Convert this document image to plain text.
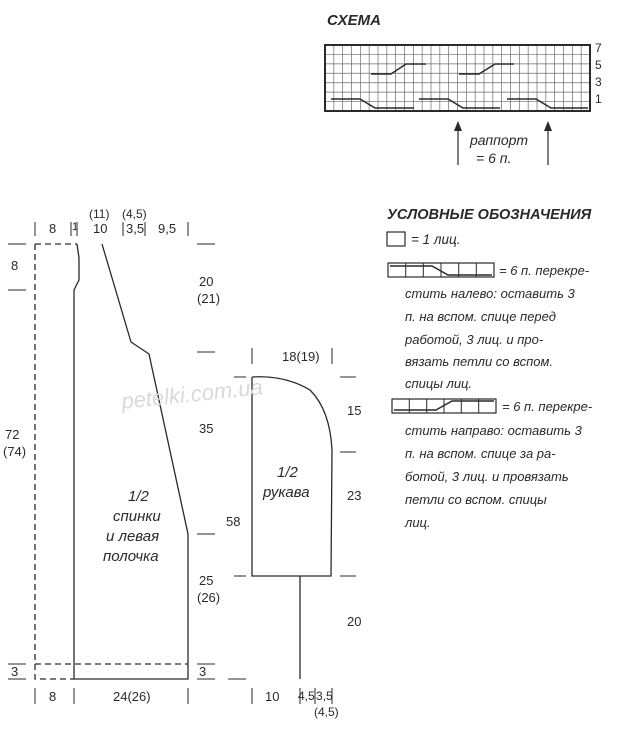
СХЕМА
7
5
3
1
раппорт
= 6 п.
УСЛОВНЫЕ ОБОЗНАЧЕНИЯ
= 1 лиц.
= 6 п. перекре-
стить налево: оставить 3
п. на вспом. спице перед
работой, 3 лиц. и про-
вязать петли со вспом.
спицы лиц.
= 6 п. перекре-
стить направо: оставить 3
п. на вспом. спице за ра-
ботой, 3 лиц. и провязать
петли со вспом. спицы
лиц.
petelki.com.ua
1/2
спинки
и левая
полочка
8 1
(11)
10
(4,5)
3,5 9,5
8
72
(74)
3
20
(21)
35
25
(26)
3
8	24(26)
1/2
рукава
18(19)
58
15
23
20
10 4,5 3,5
(4,5)
